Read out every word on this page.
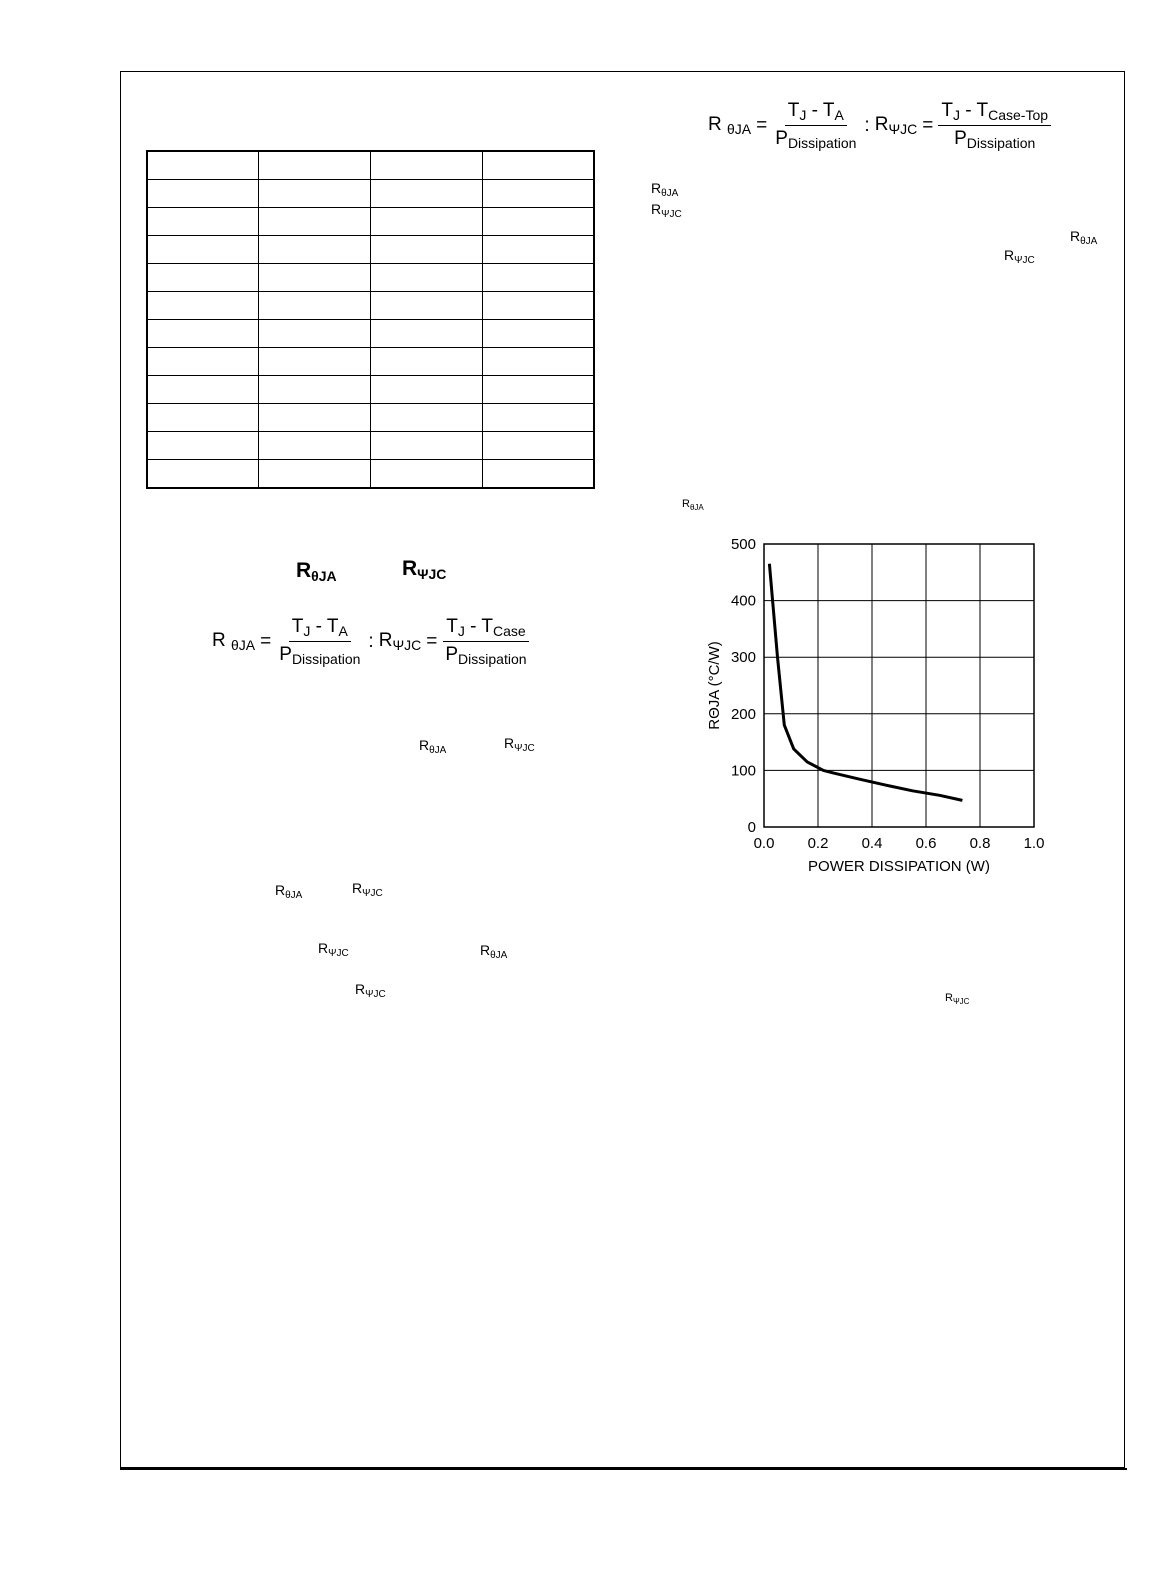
R $_{\theta JA} = \frac{T_J - T_A}{P_{Dissipation}}$ : $R_{\Psi JC} = \frac{T_J - T_{Case-Top}}{P_{Dissipation}}$
R $_{\theta JA} = \frac{T_J - T_A}{P_{Dissipation}}$ : $R_{\Psi JC} = \frac{T_J - T_{Case}}{P_{Dissipation}}$
$R_{\theta JA}$	$R_{\Psi JC}$
$R_{\theta JA}$	$R_{\Psi JC}$
$R_{\theta JA}$	$R_{\Psi JC}$
$R_{\Psi JC}$	$R_{\theta JA}$
$R_{\Psi JC}$
$R_{\theta JA}$
$R_{\Psi JC}$
$R_{\theta JA}$
$R_{\Psi JC}$
$R_{\theta JA}$
$R_{\Psi JC}$
0.0 0.2 0.4 0.6 0.8 1.0
0
100
200
300
400
500
POWER DISSIPATION (W)
RΘJA (°C/W)
